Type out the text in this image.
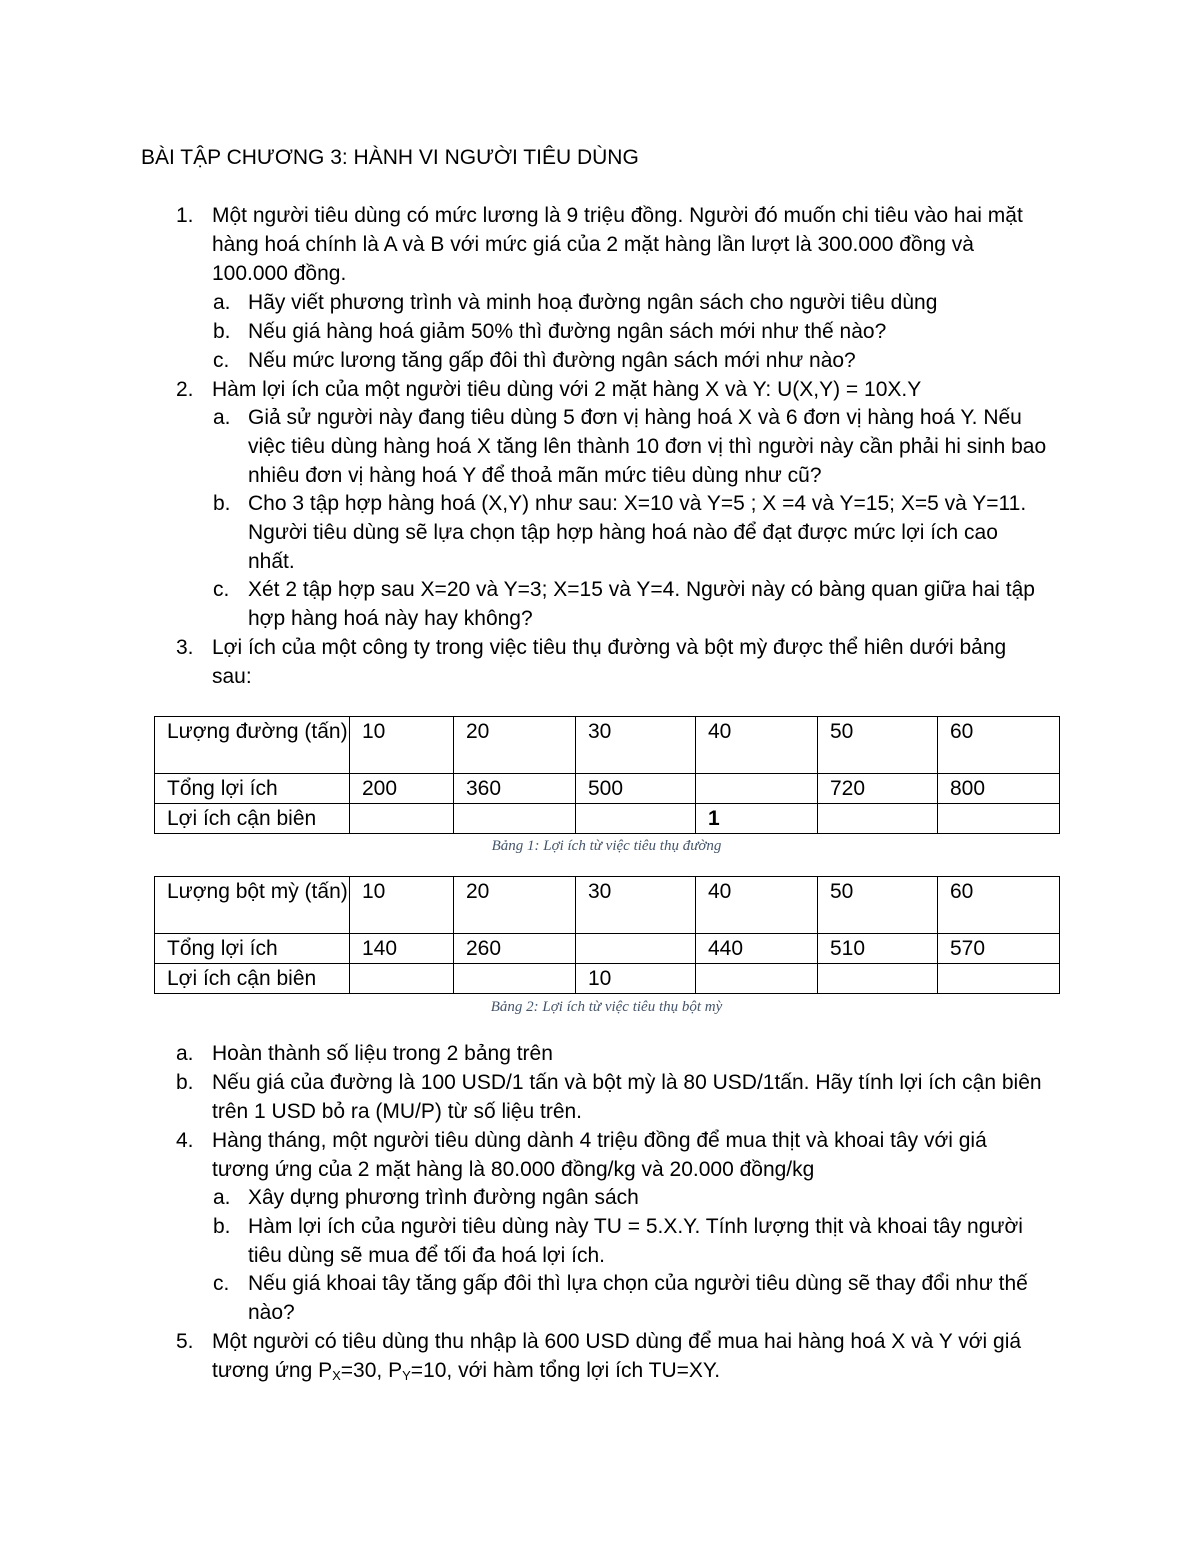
BÀI TẬP CHƯƠNG 3: HÀNH VI NGƯỜI TIÊU DÙNG
1. Một người tiêu dùng có mức lương là 9 triệu đồng. Người đó muốn chi tiêu vào hai mặt
hàng hoá chính là A và B với mức giá của 2 mặt hàng lần lượt là 300.000 đồng và
100.000 đồng.
a. Hãy viết phương trình và minh hoạ đường ngân sách cho người tiêu dùng
b. Nếu giá hàng hoá giảm 50% thì đường ngân sách mới như thế nào?
c. Nếu mức lương tăng gấp đôi thì đường ngân sách mới như nào?
2. Hàm lợi ích của một người tiêu dùng với 2 mặt hàng X và Y: U(X,Y) = 10X.Y
a. Giả sử người này đang tiêu dùng 5 đơn vị hàng hoá X và 6 đơn vị hàng hoá Y. Nếu
việc tiêu dùng hàng hoá X tăng lên thành 10 đơn vị thì người này cần phải hi sinh bao
nhiêu đơn vị hàng hoá Y để thoả mãn mức tiêu dùng như cũ?
b. Cho 3 tập hợp hàng hoá (X,Y) như sau: X=10 và Y=5 ; X =4 và Y=15; X=5 và Y=11.
Người tiêu dùng sẽ lựa chọn tập hợp hàng hoá nào để đạt được mức lợi ích cao
nhất.
c. Xét 2 tập hợp sau X=20 và Y=3; X=15 và Y=4. Người này có bàng quan giữa hai tập
hợp hàng hoá này hay không?
3. Lợi ích của một công ty trong việc tiêu thụ đường và bột mỳ được thể hiên dưới bảng
sau:
Lượng đường (tấn)	10	20	30	40	50	60
Tổng lợi ích	200	360	500		720	800
Lợi ích cận biên				1		
Bảng 1: Lợi ích từ việc tiêu thụ đường
Lượng bột mỳ (tấn)	10	20	30	40	50	60
Tổng lợi ích	140	260		440	510	570
Lợi ích cận biên			10			
Bảng 2: Lợi ích từ việc tiêu thụ bột mỳ
a. Hoàn thành số liệu trong 2 bảng trên
b. Nếu giá của đường là 100 USD/1 tấn và bột mỳ là 80 USD/1tấn. Hãy tính lợi ích cận biên
trên 1 USD bỏ ra (MU/P) từ số liệu trên.
4. Hàng tháng, một người tiêu dùng dành 4 triệu đồng để mua thịt và khoai tây với giá
tương ứng của 2 mặt hàng là 80.000 đồng/kg và 20.000 đồng/kg
a. Xây dựng phương trình đường ngân sách
b. Hàm lợi ích của người tiêu dùng này TU = 5.X.Y. Tính lượng thịt và khoai tây người
tiêu dùng sẽ mua để tối đa hoá lợi ích.
c. Nếu giá khoai tây tăng gấp đôi thì lựa chọn của người tiêu dùng sẽ thay đổi như thế
nào?
5. Một người có tiêu dùng thu nhập là 600 USD dùng để mua hai hàng hoá X và Y với giá
tương ứng $P_X=30$, $P_Y=10$, với hàm tổng lợi ích TU=XY.
